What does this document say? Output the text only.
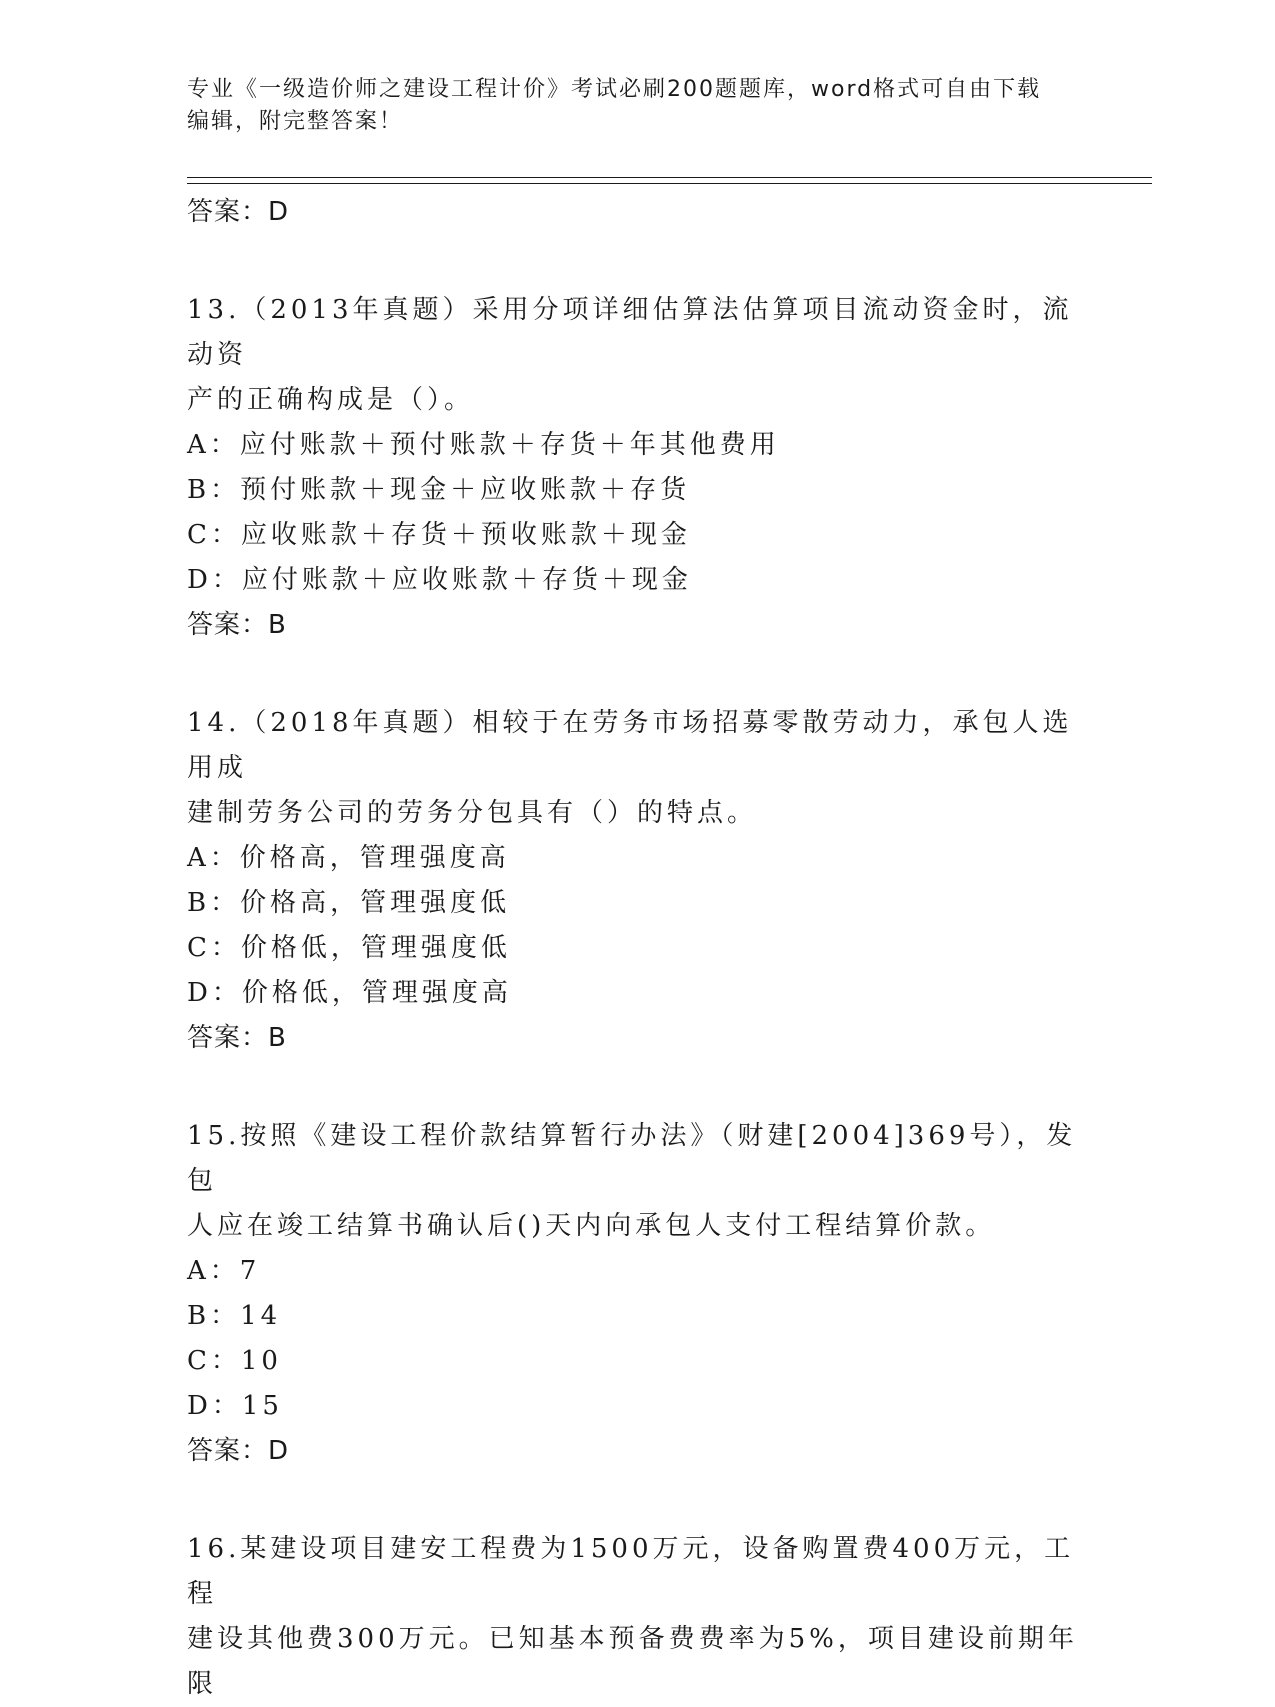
专业《一级造价师之建设工程计价》考试必刷200题题库，word格式可自由下载
编辑，附完整答案！
答案：D
13.（2013年真题）采用分项详细估算法估算项目流动资金时，流动资
产的正确构成是（）。
A：应付账款＋预付账款＋存货＋年其他费用
B：预付账款＋现金＋应收账款＋存货
C：应收账款＋存货＋预收账款＋现金
D：应付账款＋应收账款＋存货＋现金
答案：B
14.（2018年真题）相较于在劳务市场招募零散劳动力，承包人选用成
建制劳务公司的劳务分包具有（）的特点。
A：价格高，管理强度高
B：价格高，管理强度低
C：价格低，管理强度低
D：价格低，管理强度高
答案：B
15.按照《建设工程价款结算暂行办法》（财建[2004]369号），发包
人应在竣工结算书确认后()天内向承包人支付工程结算价款。
A：7
B：14
C：10
D：15
答案：D
16.某建设项目建安工程费为1500万元，设备购置费400万元，工程
建设其他费300万元。已知基本预备费费率为5%，项目建设前期年限
